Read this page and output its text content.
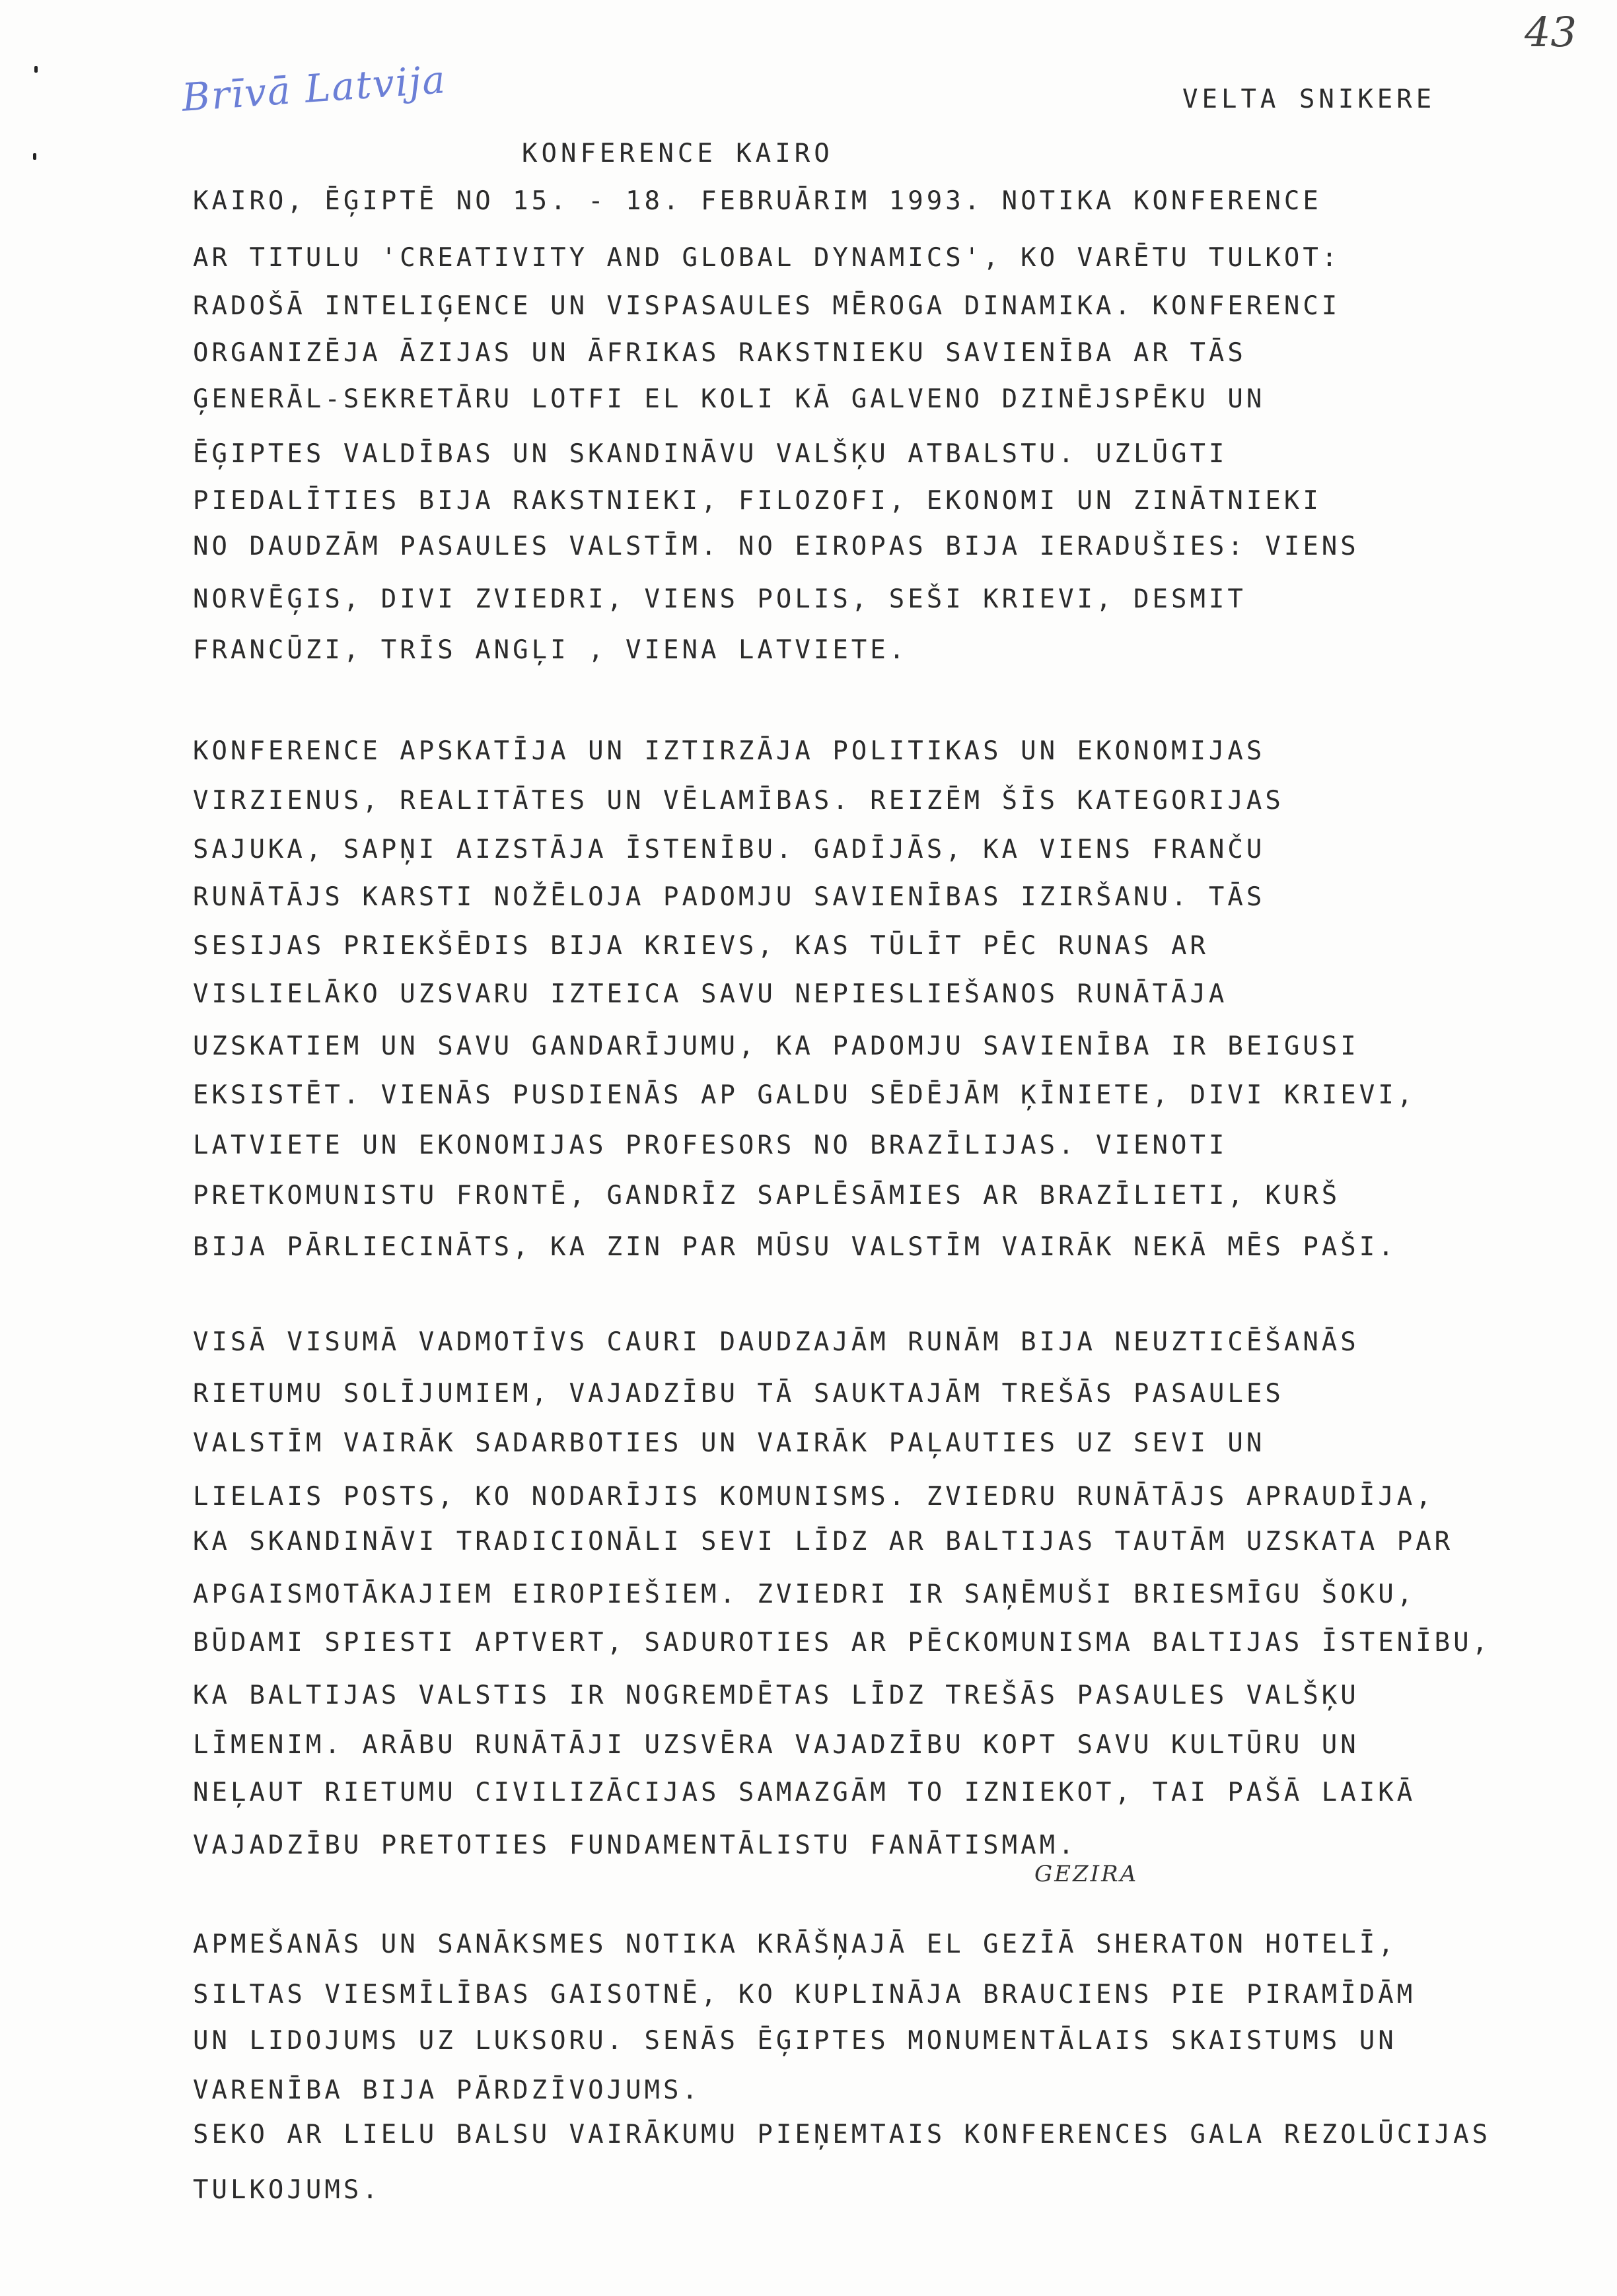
Brīvā Latvija
43
GEZIRA
VELTA SNIKERE
KONFERENCE KAIRO
KAIRO, ĒĢIPTĒ NO 15. - 18. FEBRUĀRIM 1993. NOTIKA KONFERENCE
AR TITULU 'CREATIVITY AND GLOBAL DYNAMICS', KO VARĒTU TULKOT:
RADOŠĀ INTELIĢENCE UN VISPASAULES MĒROGA DINAMIKA. KONFERENCI
ORGANIZĒJA ĀZIJAS UN ĀFRIKAS RAKSTNIEKU SAVIENĪBA AR TĀS
ĢENERĀL-SEKRETĀRU LOTFI EL KOLI KĀ GALVENO DZINĒJSPĒKU UN
ĒĢIPTES VALDĪBAS UN SKANDINĀVU VALŠĶU ATBALSTU. UZLŪGTI
PIEDALĪTIES BIJA RAKSTNIEKI, FILOZOFI, EKONOMI UN ZINĀTNIEKI
NO DAUDZĀM PASAULES VALSTĪM. NO EIROPAS BIJA IERADUŠIES: VIENS
NORVĒĢIS, DIVI ZVIEDRI, VIENS POLIS, SEŠI KRIEVI, DESMIT
FRANCŪZI, TRĪS ANGĻI , VIENA LATVIETE.
KONFERENCE APSKATĪJA UN IZTIRZĀJA POLITIKAS UN EKONOMIJAS
VIRZIENUS, REALITĀTES UN VĒLAMĪBAS. REIZĒM ŠĪS KATEGORIJAS
SAJUKA, SAPŅI AIZSTĀJA ĪSTENĪBU. GADĪJĀS, KA VIENS FRANČU
RUNĀTĀJS KARSTI NOŽĒLOJA PADOMJU SAVIENĪBAS IZIRŠANU. TĀS
SESIJAS PRIEKŠĒDIS BIJA KRIEVS, KAS TŪLĪT PĒC RUNAS AR
VISLIELĀKO UZSVARU IZTEICA SAVU NEPIESLIEŠANOS RUNĀTĀJA
UZSKATIEM UN SAVU GANDARĪJUMU, KA PADOMJU SAVIENĪBA IR BEIGUSI
EKSISTĒT. VIENĀS PUSDIENĀS AP GALDU SĒDĒJĀM ĶĪNIETE, DIVI KRIEVI,
LATVIETE UN EKONOMIJAS PROFESORS NO BRAZĪLIJAS. VIENOTI
PRETKOMUNISTU FRONTĒ, GANDRĪZ SAPLĒSĀMIES AR BRAZĪLIETI, KURŠ
BIJA PĀRLIECINĀTS, KA ZIN PAR MŪSU VALSTĪM VAIRĀK NEKĀ MĒS PAŠI.
VISĀ VISUMĀ VADMOTĪVS CAURI DAUDZAJĀM RUNĀM BIJA NEUZTICĒŠANĀS
RIETUMU SOLĪJUMIEM, VAJADZĪBU TĀ SAUKTAJĀM TREŠĀS PASAULES
VALSTĪM VAIRĀK SADARBOTIES UN VAIRĀK PAĻAUTIES UZ SEVI UN
LIELAIS POSTS, KO NODARĪJIS KOMUNISMS. ZVIEDRU RUNĀTĀJS APRAUDĪJA,
KA SKANDINĀVI TRADICIONĀLI SEVI LĪDZ AR BALTIJAS TAUTĀM UZSKATA PAR
APGAISMOTĀKAJIEM EIROPIEŠIEM. ZVIEDRI IR SAŅĒMUŠI BRIESMĪGU ŠOKU,
BŪDAMI SPIESTI APTVERT, SADUROTIES AR PĒCKOMUNISMA BALTIJAS ĪSTENĪBU,
KA BALTIJAS VALSTIS IR NOGREMDĒTAS LĪDZ TREŠĀS PASAULES VALŠĶU
LĪMENIM. ARĀBU RUNĀTĀJI UZSVĒRA VAJADZĪBU KOPT SAVU KULTŪRU UN
NEĻAUT RIETUMU CIVILIZĀCIJAS SAMAZGĀM TO IZNIEKOT, TAI PAŠĀ LAIKĀ
VAJADZĪBU PRETOTIES FUNDAMENTĀLISTU FANĀTISMAM.
APMEŠANĀS UN SANĀKSMES NOTIKA KRĀŠŅAJĀ EL GEZĪĀ SHERATON HOTELĪ,
SILTAS VIESMĪLĪBAS GAISOTNĒ, KO KUPLINĀJA BRAUCIENS PIE PIRAMĪDĀM
UN LIDOJUMS UZ LUKSORU. SENĀS ĒĢIPTES MONUMENTĀLAIS SKAISTUMS UN
VARENĪBA BIJA PĀRDZĪVOJUMS.
SEKO AR LIELU BALSU VAIRĀKUMU PIEŅEMTAIS KONFERENCES GALA REZOLŪCIJAS
TULKOJUMS.
